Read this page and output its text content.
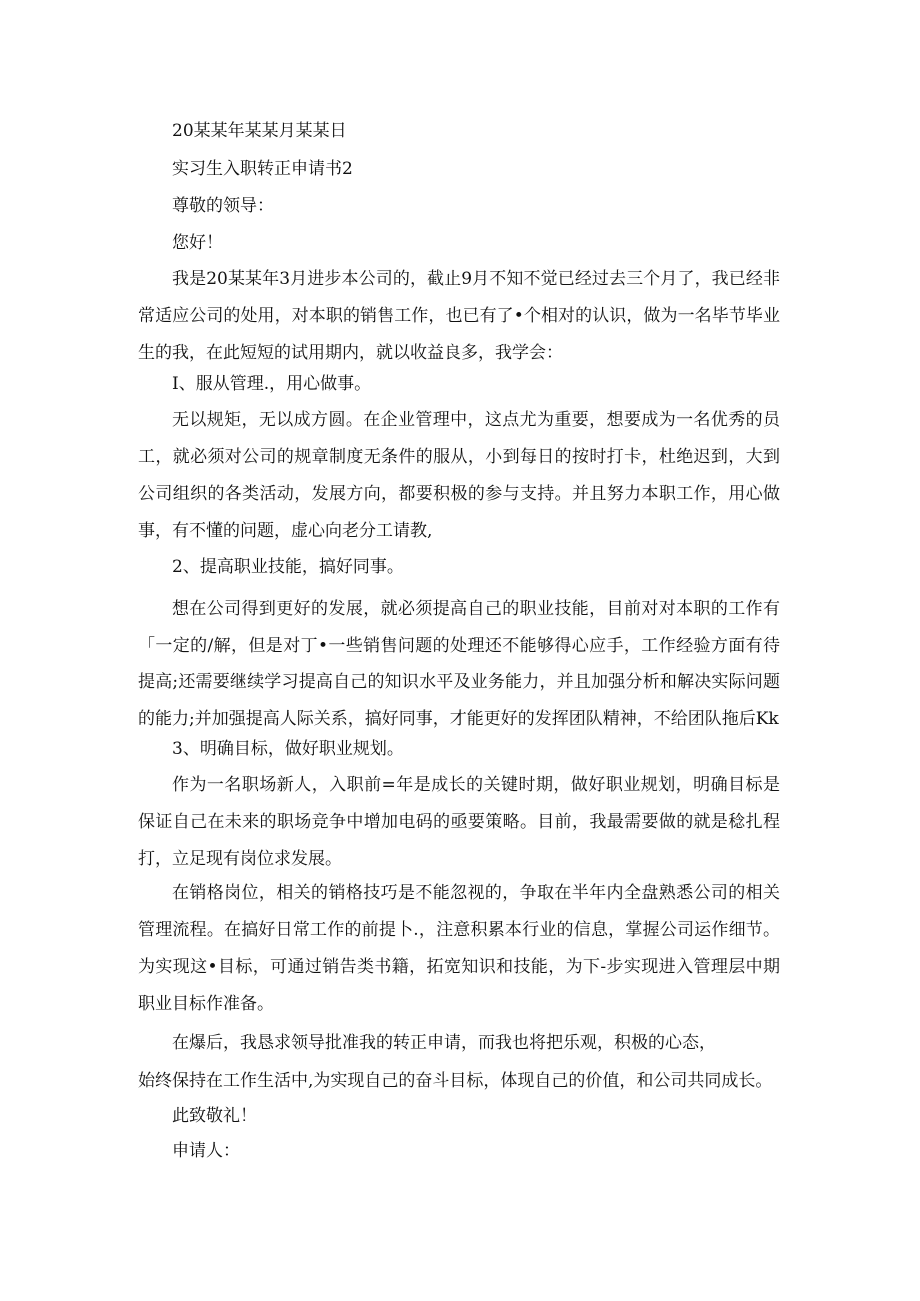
20某某年某某月某某日
实习生入职转正申请书2
尊敬的领导：
您好！
我是20某某年3月进步本公司的，截止9月不知不觉已经过去三个月了，我已经非常适应公司的处用，对本职的销售工作，也已有了•个相对的认识，做为一名毕节毕业生的我，在此短短的试用期内，就以收益良多，我学会：
I、服从管理.，用心做事。
无以规矩，无以成方圆。在企业管理中，这点尤为重要，想要成为一名优秀的员工，就必须对公司的规章制度无条件的服从，小到每日的按时打卡，杜绝迟到，大到公司组织的各类活动，发展方向，都要积极的参与支持。并且努力本职工作，用心做事，有不懂的问题，虚心向老分工请教,
2、提高职业技能，搞好同事。
想在公司得到更好的发展，就必须提高自己的职业技能，目前对对本职的工作有「一定的/解，但是对丁•一些销售问题的处理还不能够得心应手，工作经验方面有待提高;还需要继续学习提高自己的知识水平及业务能力，并且加强分析和解决实际问题的能力;并加强提高人际关系，搞好同事，才能更好的发挥团队精神，不给团队拖后Kk
3、明确目标，做好职业规划。
作为一名职场新人，入职前=年是成长的关键时期，做好职业规划，明确目标是保证自己在未来的职场竞争中增加电码的亟要策略。目前，我最需要做的就是稔扎程打，立足现有岗位求发展。
在销格岗位，相关的销格技巧是不能忽视的，争取在半年内全盘熟悉公司的相关管理流程。在搞好日常工作的前提卜.，注意积累本行业的信息，掌握公司运作细节。为实现这•目标，可通过销告类书籍，拓宽知识和技能，为下-步实现进入管理层中期职业目标作准备。
在爆后，我恳求领导批准我的转正申请，而我也将把乐观，积极的心态，
始终保持在工作生活中,为实现自己的奋斗目标，体现自己的价值，和公司共同成长。
此致敬礼！
申请人：
